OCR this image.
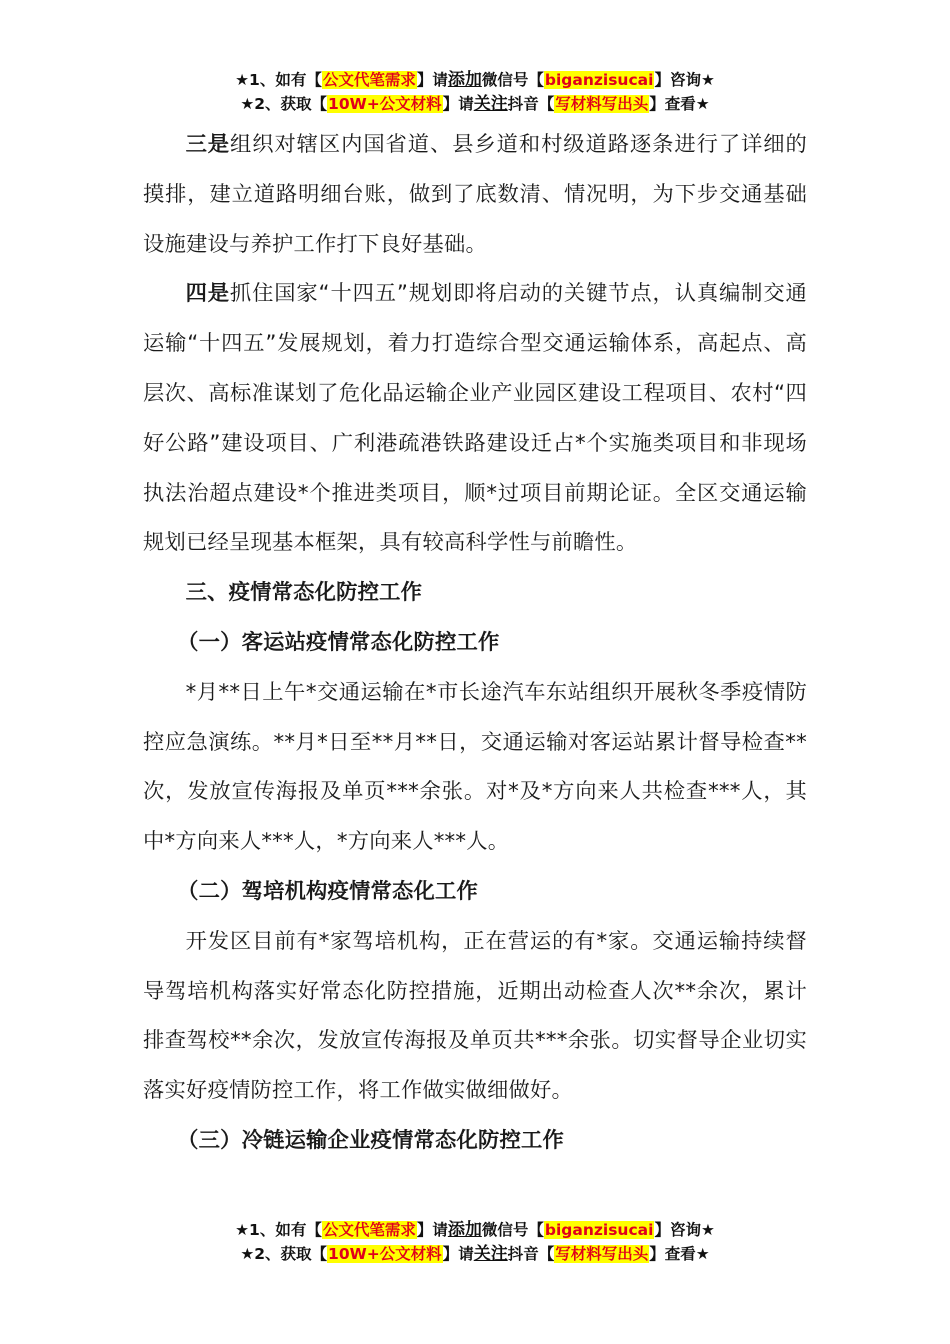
★1、如有【公文代笔需求】请添加微信号【biganzisucai】咨询★
★2、获取【10W+公文材料】请关注抖音【写材料写出头】查看★

三是组织对辖区内国省道、县乡道和村级道路逐条进行了详细的摸排，建立道路明细台账，做到了底数清、情况明，为下步交通基础设施建设与养护工作打下良好基础。

四是抓住国家“十四五”规划即将启动的关键节点，认真编制交通运输“十四五”发展规划，着力打造综合型交通运输体系，高起点、高层次、高标准谋划了危化品运输企业产业园区建设工程项目、农村“四好公路”建设项目、广利港疏港铁路建设迁占*个实施类项目和非现场执法治超点建设*个推进类项目，顺*过项目前期论证。全区交通运输规划已经呈现基本框架，具有较高科学性与前瞻性。

三、疫情常态化防控工作

（一）客运站疫情常态化防控工作

*月**日上午*交通运输在*市长途汽车东站组织开展秋冬季疫情防控应急演练。**月*日至**月**日，交通运输对客运站累计督导检查**次，发放宣传海报及单页***余张。对*及*方向来人共检查***人，其中*方向来人***人，*方向来人***人。

（二）驾培机构疫情常态化工作

开发区目前有*家驾培机构，正在营运的有*家。交通运输持续督导驾培机构落实好常态化防控措施，近期出动检查人次**余次，累计排查驾校**余次，发放宣传海报及单页共***余张。切实督导企业切实落实好疫情防控工作，将工作做实做细做好。

（三）冷链运输企业疫情常态化防控工作

★1、如有【公文代笔需求】请添加微信号【biganzisucai】咨询★
★2、获取【10W+公文材料】请关注抖音【写材料写出头】查看★
